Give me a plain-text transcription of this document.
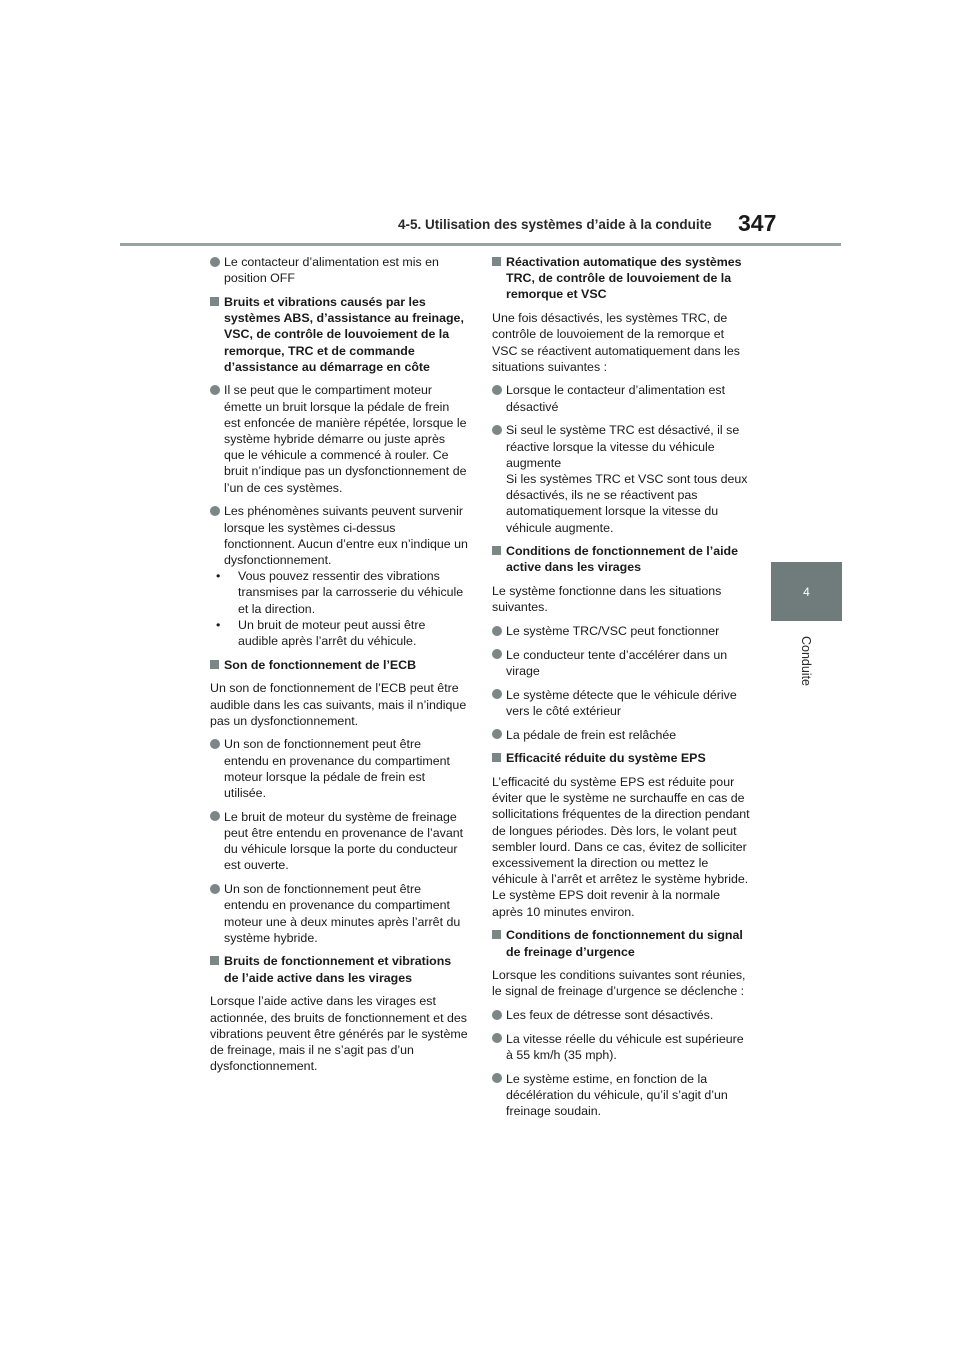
4-5. Utilisation des systèmes d’aide à la conduite 347
4
Conduite
Le contacteur d’alimentation est mis en position OFF
Bruits et vibrations causés par les systèmes ABS, d’assistance au freinage, VSC, de contrôle de louvoiement de la remorque, TRC et de commande d’assistance au démarrage en côte
Il se peut que le compartiment moteur émette un bruit lorsque la pédale de frein est enfoncée de manière répétée, lorsque le système hybride démarre ou juste après que le véhicule a commencé à rouler. Ce bruit n’indique pas un dysfonctionnement de l’un de ces systèmes.
Les phénomènes suivants peuvent survenir lorsque les systèmes ci-dessus fonctionnent. Aucun d’entre eux n’indique un dysfonctionnement.
• Vous pouvez ressentir des vibrations transmises par la carrosserie du véhicule et la direction.
• Un bruit de moteur peut aussi être audible après l’arrêt du véhicule.
Son de fonctionnement de l’ECB
Un son de fonctionnement de l’ECB peut être audible dans les cas suivants, mais il n’indique pas un dysfonctionnement.
Un son de fonctionnement peut être entendu en provenance du compartiment moteur lorsque la pédale de frein est utilisée.
Le bruit de moteur du système de freinage peut être entendu en provenance de l’avant du véhicule lorsque la porte du conducteur est ouverte.
Un son de fonctionnement peut être entendu en provenance du compartiment moteur une à deux minutes après l’arrêt du système hybride.
Bruits de fonctionnement et vibrations de l’aide active dans les virages
Lorsque l’aide active dans les virages est actionnée, des bruits de fonctionnement et des vibrations peuvent être générés par le système de freinage, mais il ne s’agit pas d’un dysfonctionnement.
Réactivation automatique des systèmes TRC, de contrôle de louvoiement de la remorque et VSC
Une fois désactivés, les systèmes TRC, de contrôle de louvoiement de la remorque et VSC se réactivent automatiquement dans les situations suivantes :
Lorsque le contacteur d’alimentation est désactivé
Si seul le système TRC est désactivé, il se réactive lorsque la vitesse du véhicule augmente
Si les systèmes TRC et VSC sont tous deux désactivés, ils ne se réactivent pas automatiquement lorsque la vitesse du véhicule augmente.
Conditions de fonctionnement de l’aide active dans les virages
Le système fonctionne dans les situations suivantes.
Le système TRC/VSC peut fonctionner
Le conducteur tente d’accélérer dans un virage
Le système détecte que le véhicule dérive vers le côté extérieur
La pédale de frein est relâchée
Efficacité réduite du système EPS
L’efficacité du système EPS est réduite pour éviter que le système ne surchauffe en cas de sollicitations fréquentes de la direction pendant de longues périodes. Dès lors, le volant peut sembler lourd. Dans ce cas, évitez de solliciter excessivement la direction ou mettez le véhicule à l’arrêt et arrêtez le système hybride. Le système EPS doit revenir à la normale après 10 minutes environ.
Conditions de fonctionnement du signal de freinage d’urgence
Lorsque les conditions suivantes sont réunies, le signal de freinage d’urgence se déclenche :
Les feux de détresse sont désactivés.
La vitesse réelle du véhicule est supérieure à 55 km/h (35 mph).
Le système estime, en fonction de la décélération du véhicule, qu’il s’agit d’un freinage soudain.
